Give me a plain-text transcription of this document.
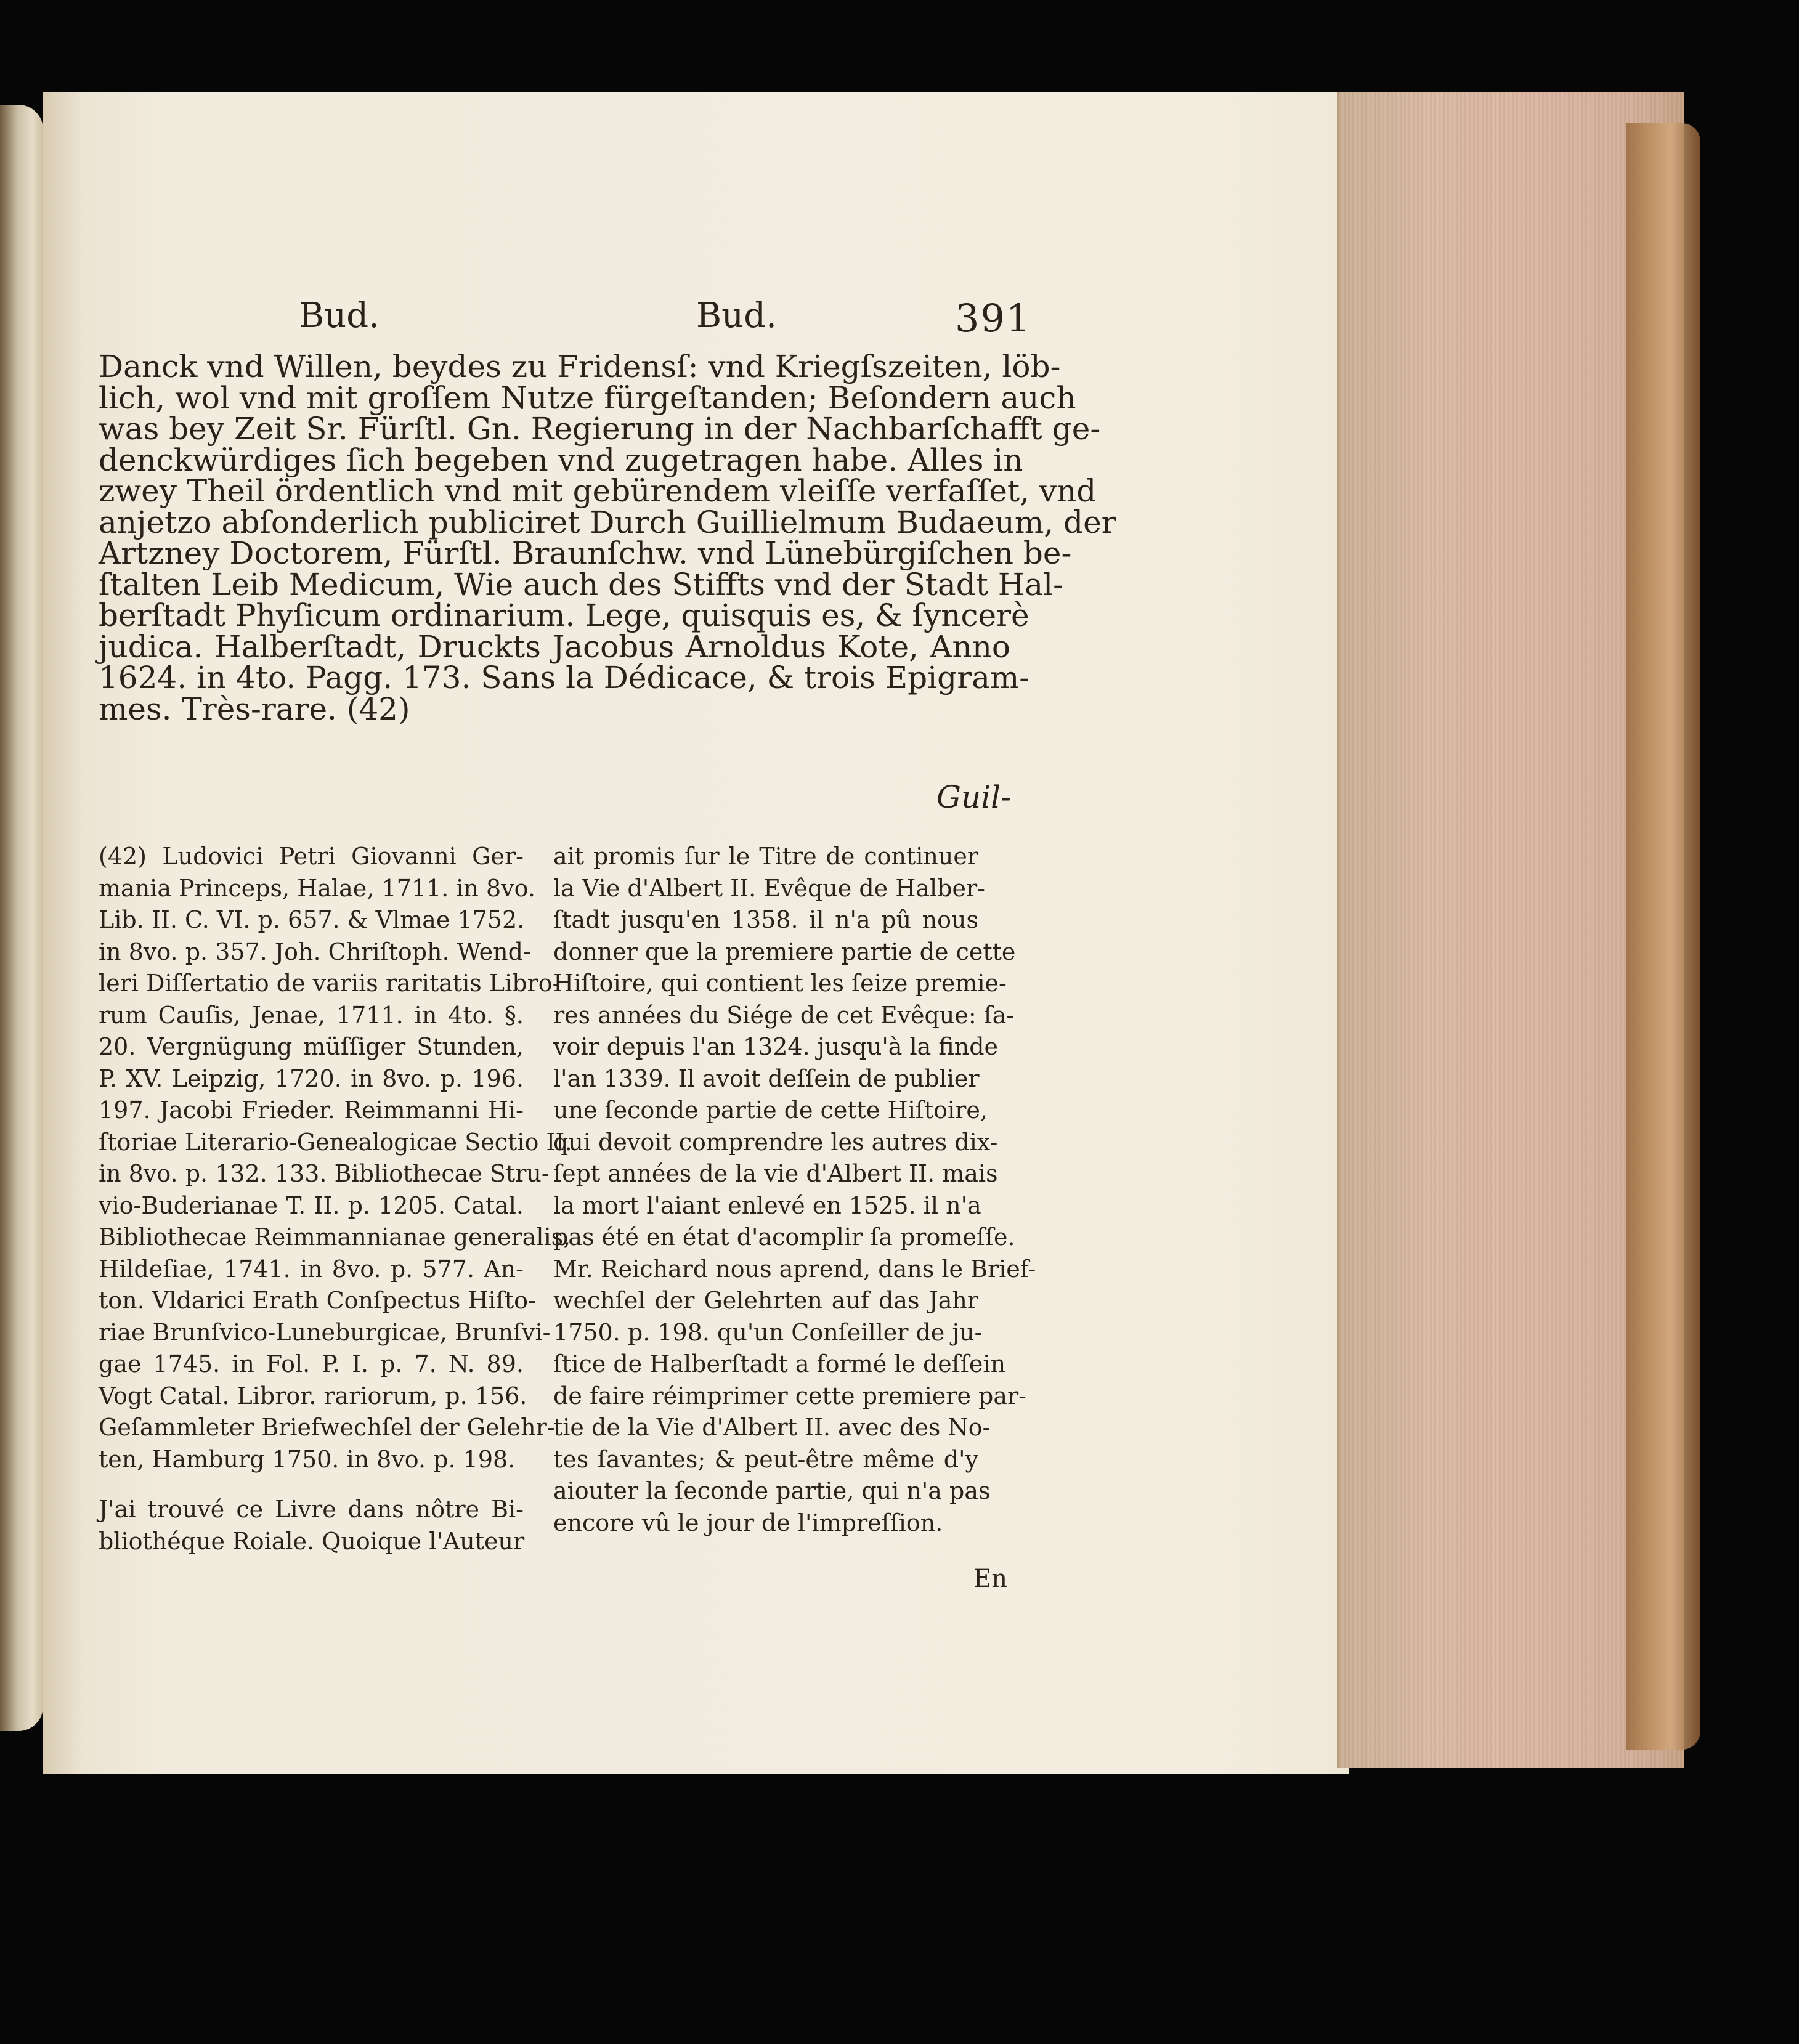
Bud.	Bud.	391
Danck vnd Willen, beydes zu Fridensſ: vnd Kriegſszeiten, löb-
lich, wol vnd mit groſſem Nutze fürgeſtanden; Beſondern auch
was bey Zeit Sr. Fürſtl. Gn. Regierung in der Nachbarſchafft ge-
denckwürdiges ſich begeben vnd zugetragen habe. Alles in
zwey Theil ördentlich vnd mit gebürendem vleiſſe verfaſſet, vnd
anjetzo abſonderlich publiciret Durch Guillielmum Budaeum, der
Artzney Doctorem, Fürſtl. Braunſchw. vnd Lünebürgiſchen be-
ſtalten Leib Medicum, Wie auch des Stiffts vnd der Stadt Hal-
berſtadt Phyſicum ordinarium. Lege, quisquis es, & ſyncerè
judica. Halberſtadt, Druckts Jacobus Arnoldus Kote, Anno
1624. in 4to. Pagg. 173. Sans la Dédicace, & trois Epigram-
mes. Très-rare. (42)
Guil-
(42) Ludovici Petri Giovanni Ger-
mania Princeps, Halae, 1711. in 8vo.
Lib. II. C. VI. p. 657. & Vlmae 1752.
in 8vo. p. 357. Joh. Chriſtoph. Wend-
leri Diſſertatio de variis raritatis Libro-
rum Cauſis, Jenae, 1711. in 4to. §.
20. Vergnügung müſſiger Stunden,
P. XV. Leipzig, 1720. in 8vo. p. 196.
197. Jacobi Frieder. Reimmanni Hi-
ſtoriae Literario-Genealogicae Sectio II.
in 8vo. p. 132. 133. Bibliothecae Stru-
vio-Buderianae T. II. p. 1205. Catal.
Bibliothecae Reimmannianae generalis,
Hildeſiae, 1741. in 8vo. p. 577. An-
ton. Vldarici Erath Conſpectus Hiſto-
riae Brunſvico-Luneburgicae, Brunſvi-
gae 1745. in Fol. P. I. p. 7. N. 89.
Vogt Catal. Libror. rariorum, p. 156.
Geſammleter Briefwechſel der Gelehr-
ten, Hamburg 1750. in 8vo. p. 198.
J'ai trouvé ce Livre dans nôtre Bi-
bliothéque Roiale. Quoique l'Auteur
ait promis ſur le Titre de continuer
la Vie d'Albert II. Evêque de Halber-
ſtadt jusqu'en 1358. il n'a pû nous
donner que la premiere partie de cette
Hiſtoire, qui contient les ſeize premie-
res années du Siége de cet Evêque: ſa-
voir depuis l'an 1324. jusqu'à la finde
l'an 1339. Il avoit deſſein de publier
une ſeconde partie de cette Hiſtoire,
qui devoit comprendre les autres dix-
ſept années de la vie d'Albert II. mais
la mort l'aiant enlevé en 1525. il n'a
pas été en état d'acomplir ſa promeſſe.
Mr. Reichard nous aprend, dans le Brief-
wechſel der Gelehrten auf das Jahr
1750. p. 198. qu'un Conſeiller de ju-
ſtice de Halberſtadt a formé le deſſein
de faire réimprimer cette premiere par-
tie de la Vie d'Albert II. avec des No-
tes ſavantes; & peut-être même d'y
aiouter la ſeconde partie, qui n'a pas
encore vû le jour de l'impreſſion.
En
